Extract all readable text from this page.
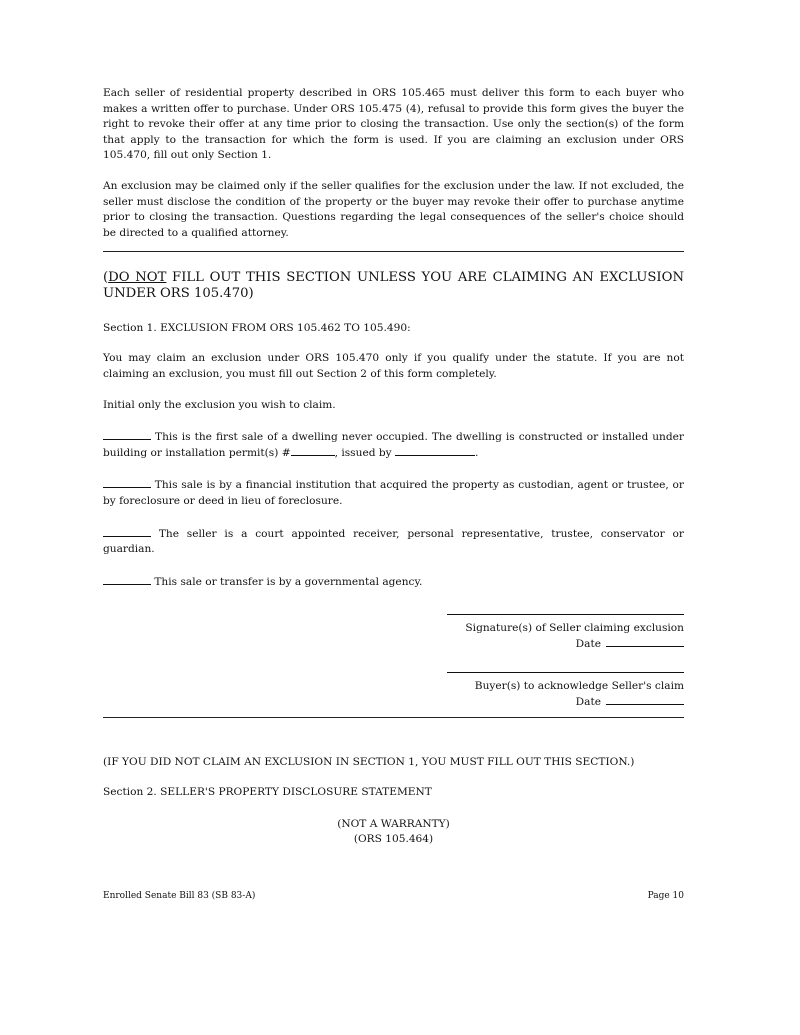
Each seller of residential property described in ORS 105.465 must deliver this form to each buyer who makes a written offer to purchase. Under ORS 105.475 (4), refusal to provide this form gives the buyer the right to revoke their offer at any time prior to closing the transaction. Use only the section(s) of the form that apply to the transaction for which the form is used. If you are claiming an exclusion under ORS 105.470, fill out only Section 1.

An exclusion may be claimed only if the seller qualifies for the exclusion under the law. If not excluded, the seller must disclose the condition of the property or the buyer may revoke their offer to purchase anytime prior to closing the transaction. Questions regarding the legal consequences of the seller's choice should be directed to a qualified attorney.

(DO NOT FILL OUT THIS SECTION UNLESS YOU ARE CLAIMING AN EXCLUSION UNDER ORS 105.470)

Section 1. EXCLUSION FROM ORS 105.462 TO 105.490:

You may claim an exclusion under ORS 105.470 only if you qualify under the statute. If you are not claiming an exclusion, you must fill out Section 2 of this form completely.

Initial only the exclusion you wish to claim.

This is the first sale of a dwelling never occupied. The dwelling is constructed or installed under building or installation permit(s) #	, issued by	.

This sale is by a financial institution that acquired the property as custodian, agent or trustee, or by foreclosure or deed in lieu of foreclosure.

The seller is a court appointed receiver, personal representative, trustee, conservator or guardian.

This sale or transfer is by a governmental agency.

Signature(s) of Seller claiming exclusion
Date
Buyer(s) to acknowledge Seller's claim
Date

(IF YOU DID NOT CLAIM AN EXCLUSION IN SECTION 1, YOU MUST FILL OUT THIS SECTION.)

Section 2. SELLER'S PROPERTY DISCLOSURE STATEMENT

(NOT A WARRANTY)
(ORS 105.464)
Enrolled Senate Bill 83 (SB 83-A)	Page 10
